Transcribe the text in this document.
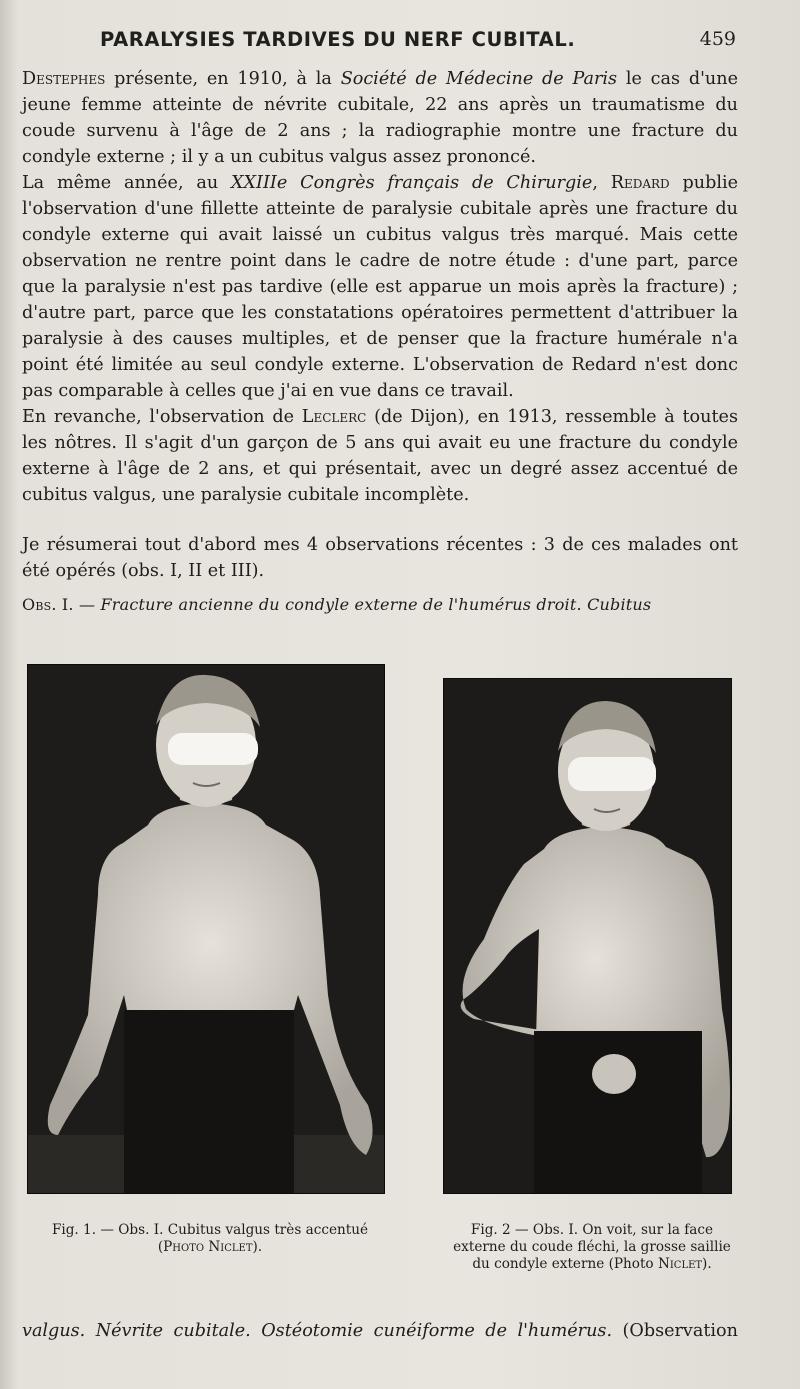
PARALYSIES TARDIVES DU NERF CUBITAL.	459

Destернes présente, en 1910, à la Société de Médecine de Paris le cas d'une jeune femme atteinte de névrite cubitale, 22 ans après un traumatisme du coude survenu à l'âge de 2 ans ; la radiographie montre une fracture du condyle externe ; il y a un cubitus valgus assez prononcé.

La même année, au XXIIIe Congrès français de Chirurgie, Redard publie l'observation d'une fillette atteinte de paralysie cubitale après une fracture du condyle externe qui avait laissé un cubitus valgus très marqué. Mais cette observation ne rentre point dans le cadre de notre étude : d'une part, parce que la paralysie n'est pas tardive (elle est apparue un mois après la fracture) ; d'autre part, parce que les constatations opératoires permettent d'attribuer la paralysie à des causes multiples, et de penser que la fracture humérale n'a point été limitée au seul condyle externe. L'observation de Redard n'est donc pas comparable à celles que j'ai en vue dans ce travail.

En revanche, l'observation de Leclerc (de Dijon), en 1913, ressemble à toutes les nôtres. Il s'agit d'un garçon de 5 ans qui avait eu une fracture du condyle externe à l'âge de 2 ans, et qui présentait, avec un degré assez accentué de cubitus valgus, une paralysie cubitale incomplète.

Je résumerai tout d'abord mes 4 observations récentes : 3 de ces malades ont été opérés (obs. I, II et III).

Obs. I. — Fracture ancienne du condyle externe de l'humérus droit. Cubitus

Fig. 1. — Obs. I. Cubitus valgus très accentué
(Photo Niclet).
Fig. 2 — Obs. I. On voit, sur la face externe du coude fléchi, la grosse saillie du condyle externe (Photo Niclet).
valgus. Névrite cubitale. Ostéotomie cunéiforme de l'humérus. (Observation
